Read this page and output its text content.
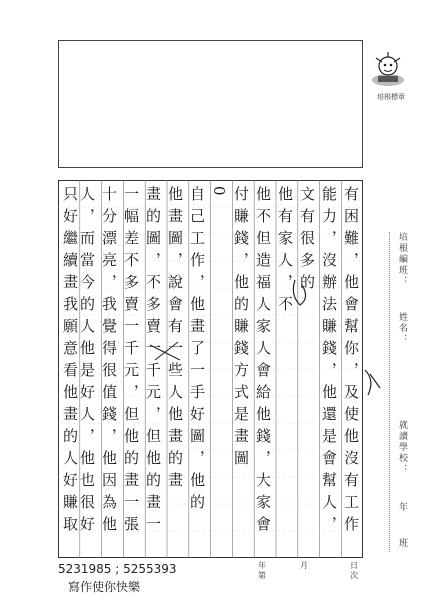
培根標章
有困難，他會幫你，及使他沒有工作
能力，沒辦法賺錢，他還是會幫人，
文有很多的
他有家人，不
他不但造福人家人會給他錢，大家會
付賺錢，他的賺錢方式是畫圖
0
自己工作，他畫了一手好圖，他的
他畫圖，說會有一些人他畫的畫
畫的圖，不多賣一千元，但他的畫一
一幅差不多賣一千元，但他的畫一張
十分漂亮，我覺得很值錢，他因為他
人，而當今的人他是好人，他也很好
只好繼續畫我願意看他畫的人好賺取	培根編班：
姓名：
就讀學校：
年
班
5231985 ; 5255393
寫作使你快樂
年
第
月	日
次
